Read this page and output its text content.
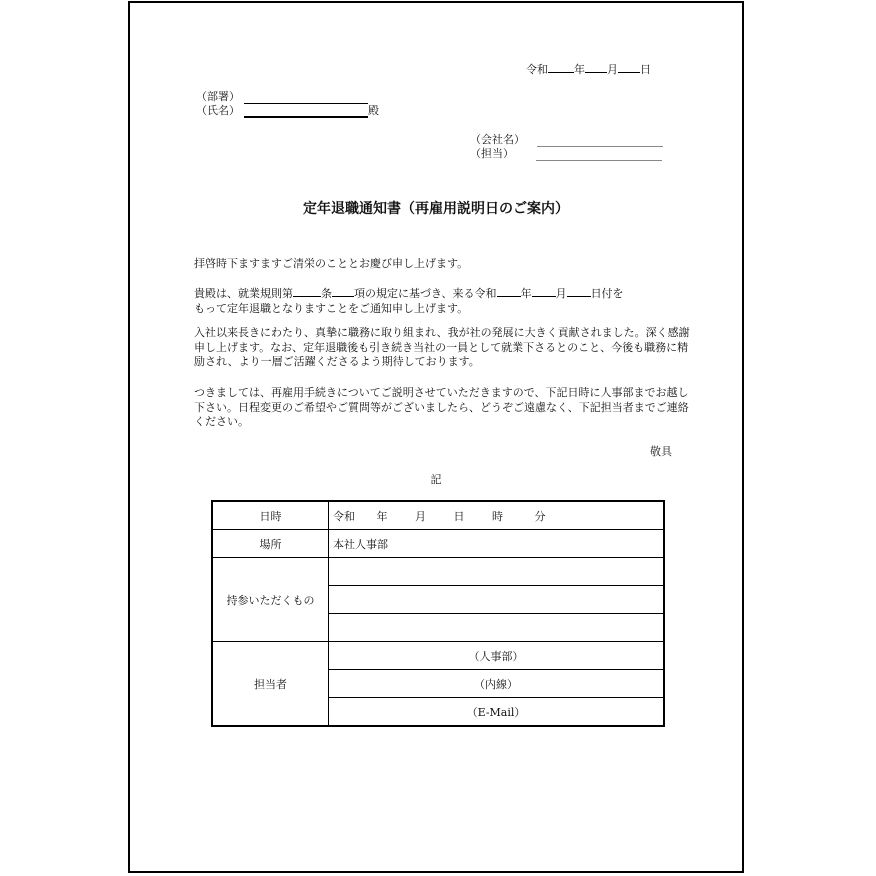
令和 年 月 日
（部署）
（氏名）	殿
（会社名）
（担当）
定年退職通知書（再雇用説明日のご案内）
拝啓時下ますますご清栄のこととお慶び申し上げます。
貴殿は、就業規則第	条 項の規定に基づき、来る令和 年 月 日付を
もって定年退職となりますことをご通知申し上げます。
入社以来長きにわたり、真摯に職務に取り組まれ、我が社の発展に大きく貢献されました。深く感謝申し上げます。なお、定年退職後も引き続き当社の一員として就業下さるとのこと、今後も職務に精励され、より一層ご活躍くださるよう期待しております。
つきましては、再雇用手続きについてご説明させていただきますので、下記日時に人事部までお越し下さい。日程変更のご希望やご質問等がございましたら、どうぞご遠慮なく、下記担当者までご連絡ください。
敬具
記
日時	令和 年 月 日 時 分
場所	本社人事部
持参いただくもの	

担当者	（人事部）
	（内線）
	（E-Mail）
